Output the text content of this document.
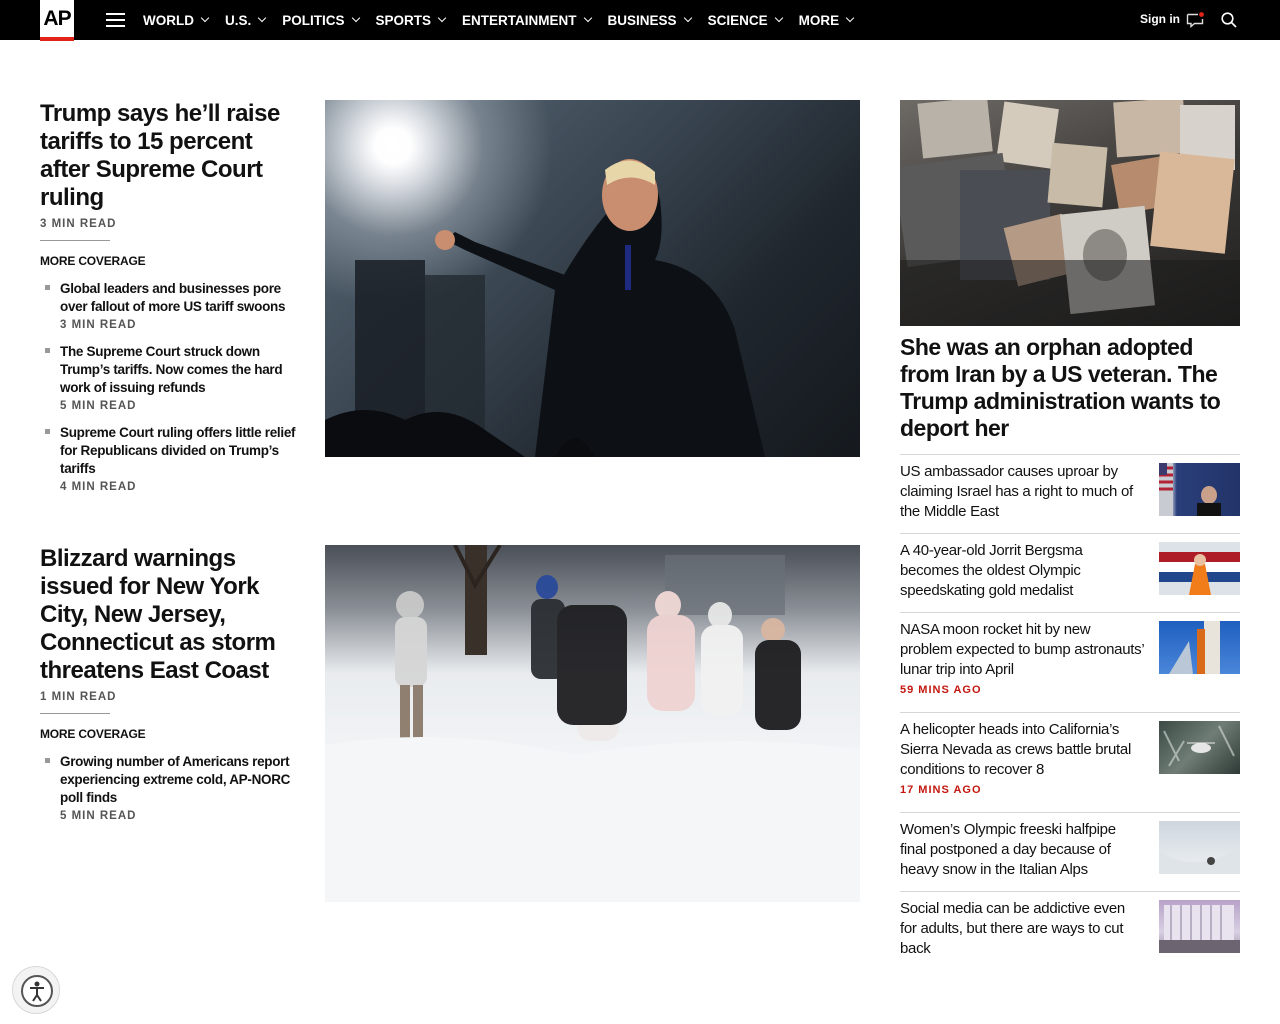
AP	WORLD U.S. POLITICS SPORTS ENTERTAINMENT BUSINESS SCIENCE MORE	Sign in
Trump says he’ll raise tariffs to 15 percent after Supreme Court ruling
3 MIN READ
MORE COVERAGE
Global leaders and businesses pore over fallout of more US tariff swoons
3 MIN READ
The Supreme Court struck down Trump’s tariffs. Now comes the hard work of issuing refunds
5 MIN READ
Supreme Court ruling offers little relief for Republicans divided on Trump’s tariffs
4 MIN READ
Blizzard warnings issued for New York City, New Jersey, Connecticut as storm threatens East Coast
1 MIN READ
MORE COVERAGE
Growing number of Americans report experiencing extreme cold, AP-NORC poll finds
5 MIN READ
She was an orphan adopted from Iran by a US veteran. The Trump administration wants to deport her
US ambassador causes uproar by claiming Israel has a right to much of the Middle East
A 40-year-old Jorrit Bergsma becomes the oldest Olympic speedskating gold medalist
NASA moon rocket hit by new problem expected to bump astronauts’ lunar trip into April
59 MINS AGO
A helicopter heads into California’s Sierra Nevada as crews battle brutal conditions to recover 8
17 MINS AGO
Women’s Olympic freeski halfpipe final postponed a day because of heavy snow in the Italian Alps
Social media can be addictive even for adults, but there are ways to cut back
